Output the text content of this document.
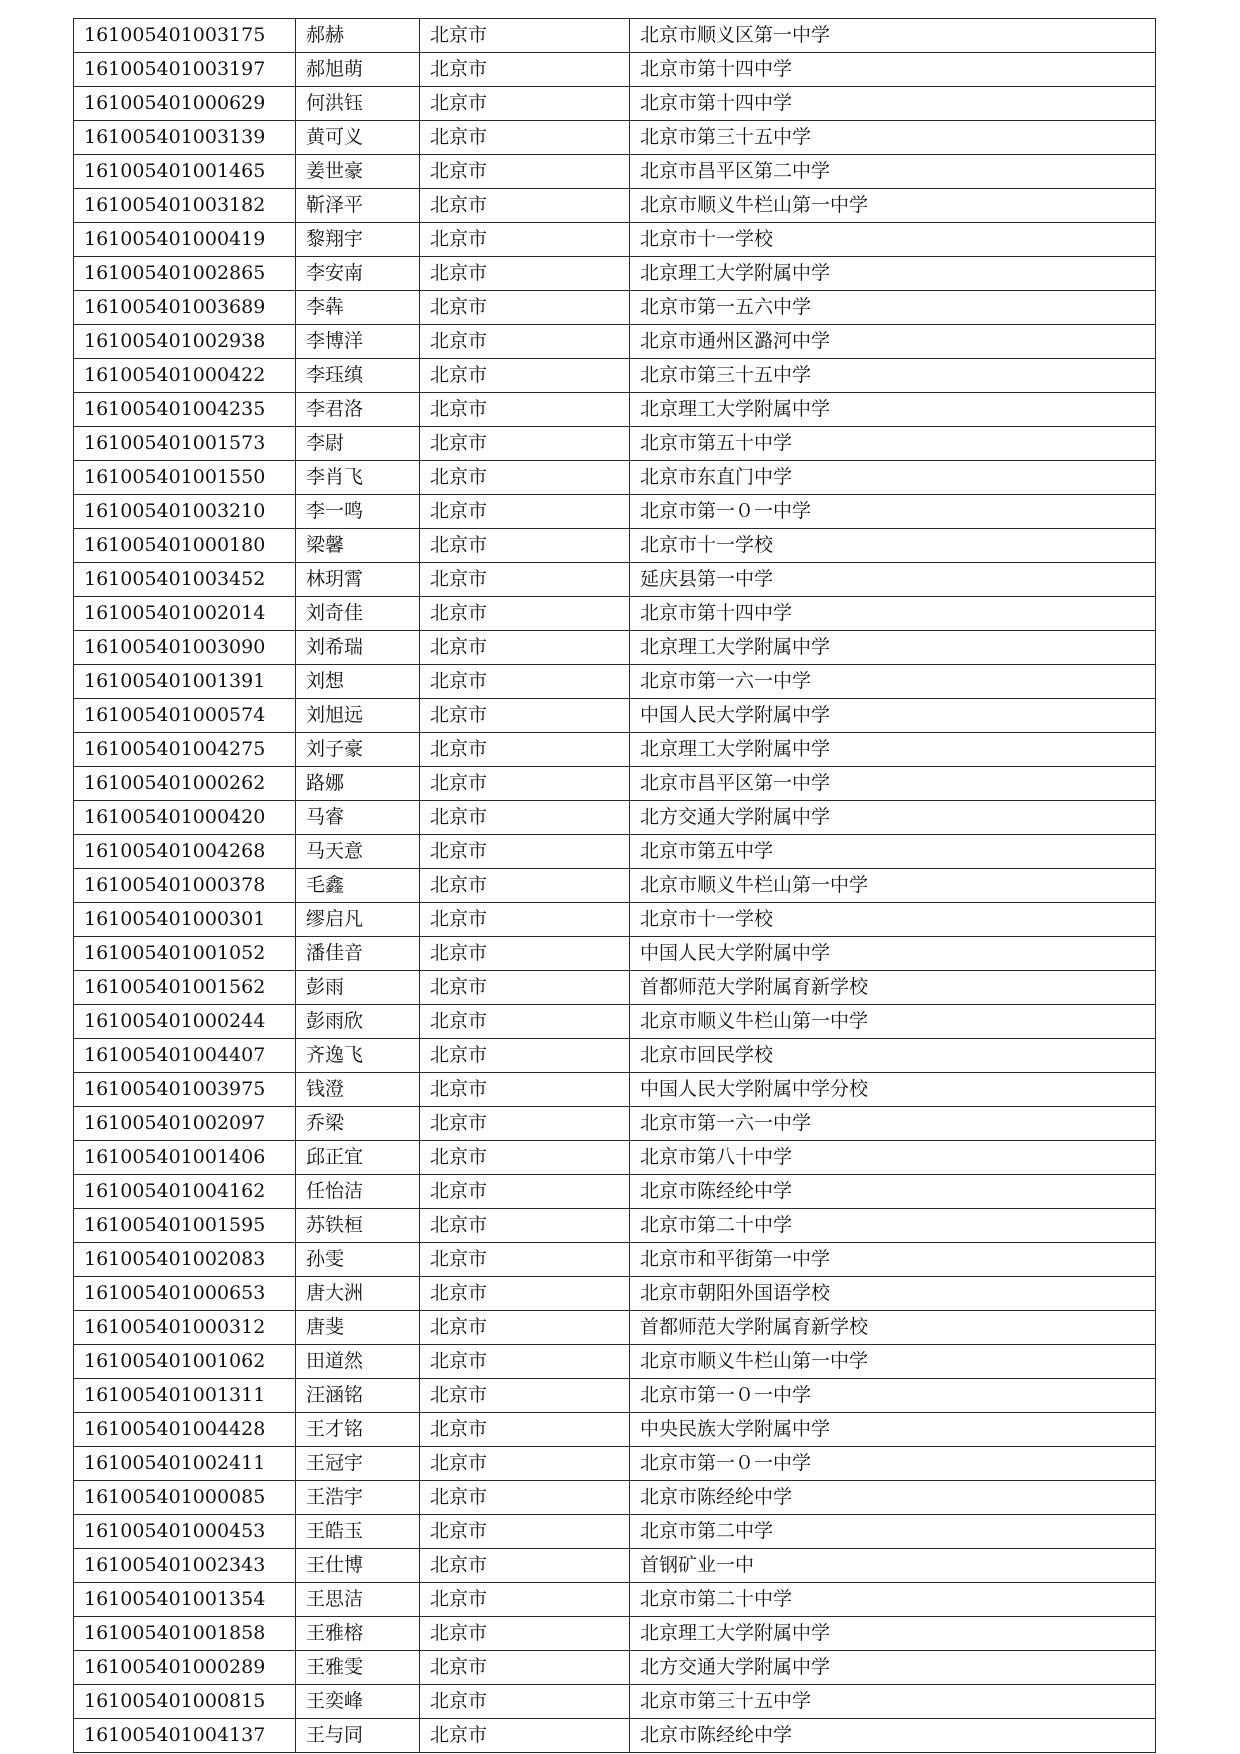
161005401003175	郝赫	北京市	北京市顺义区第一中学
161005401003197	郝旭萌	北京市	北京市第十四中学
161005401000629	何洪钰	北京市	北京市第十四中学
161005401003139	黄可义	北京市	北京市第三十五中学
161005401001465	姜世豪	北京市	北京市昌平区第二中学
161005401003182	靳泽平	北京市	北京市顺义牛栏山第一中学
161005401000419	黎翔宇	北京市	北京市十一学校
161005401002865	李安南	北京市	北京理工大学附属中学
161005401003689	李犇	北京市	北京市第一五六中学
161005401002938	李博洋	北京市	北京市通州区潞河中学
161005401000422	李珏缜	北京市	北京市第三十五中学
161005401004235	李君洛	北京市	北京理工大学附属中学
161005401001573	李尉	北京市	北京市第五十中学
161005401001550	李肖飞	北京市	北京市东直门中学
161005401003210	李一鸣	北京市	北京市第一０一中学
161005401000180	梁馨	北京市	北京市十一学校
161005401003452	林玥霄	北京市	延庆县第一中学
161005401002014	刘奇佳	北京市	北京市第十四中学
161005401003090	刘希瑞	北京市	北京理工大学附属中学
161005401001391	刘想	北京市	北京市第一六一中学
161005401000574	刘旭远	北京市	中国人民大学附属中学
161005401004275	刘子豪	北京市	北京理工大学附属中学
161005401000262	路娜	北京市	北京市昌平区第一中学
161005401000420	马睿	北京市	北方交通大学附属中学
161005401004268	马天意	北京市	北京市第五中学
161005401000378	毛鑫	北京市	北京市顺义牛栏山第一中学
161005401000301	缪启凡	北京市	北京市十一学校
161005401001052	潘佳音	北京市	中国人民大学附属中学
161005401001562	彭雨	北京市	首都师范大学附属育新学校
161005401000244	彭雨欣	北京市	北京市顺义牛栏山第一中学
161005401004407	齐逸飞	北京市	北京市回民学校
161005401003975	钱澄	北京市	中国人民大学附属中学分校
161005401002097	乔梁	北京市	北京市第一六一中学
161005401001406	邱正宜	北京市	北京市第八十中学
161005401004162	任怡洁	北京市	北京市陈经纶中学
161005401001595	苏铁桓	北京市	北京市第二十中学
161005401002083	孙雯	北京市	北京市和平街第一中学
161005401000653	唐大洲	北京市	北京市朝阳外国语学校
161005401000312	唐斐	北京市	首都师范大学附属育新学校
161005401001062	田道然	北京市	北京市顺义牛栏山第一中学
161005401001311	汪涵铭	北京市	北京市第一０一中学
161005401004428	王才铭	北京市	中央民族大学附属中学
161005401002411	王冠宇	北京市	北京市第一０一中学
161005401000085	王浩宇	北京市	北京市陈经纶中学
161005401000453	王皓玉	北京市	北京市第二中学
161005401002343	王仕博	北京市	首钢矿业一中
161005401001354	王思洁	北京市	北京市第二十中学
161005401001858	王雅榕	北京市	北京理工大学附属中学
161005401000289	王雅雯	北京市	北方交通大学附属中学
161005401000815	王奕峰	北京市	北京市第三十五中学
161005401004137	王与同	北京市	北京市陈经纶中学
